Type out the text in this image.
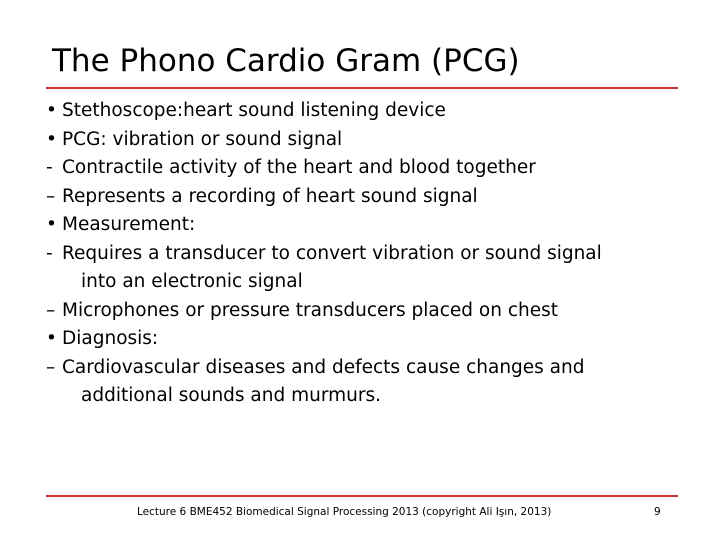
The Phono Cardio Gram (PCG)
• Stethoscope:heart sound listening device
• PCG: vibration or sound signal
- Contractile activity of the heart and blood together
– Represents a recording of heart sound signal
• Measurement:
- Requires a transducer to convert vibration or sound signal
into an electronic signal
– Microphones or pressure transducers placed on chest
• Diagnosis:
– Cardiovascular diseases and defects cause changes and
additional sounds and murmurs.
Lecture 6 BME452 Biomedical Signal Processing 2013 (copyright Ali Işın, 2013)	9
